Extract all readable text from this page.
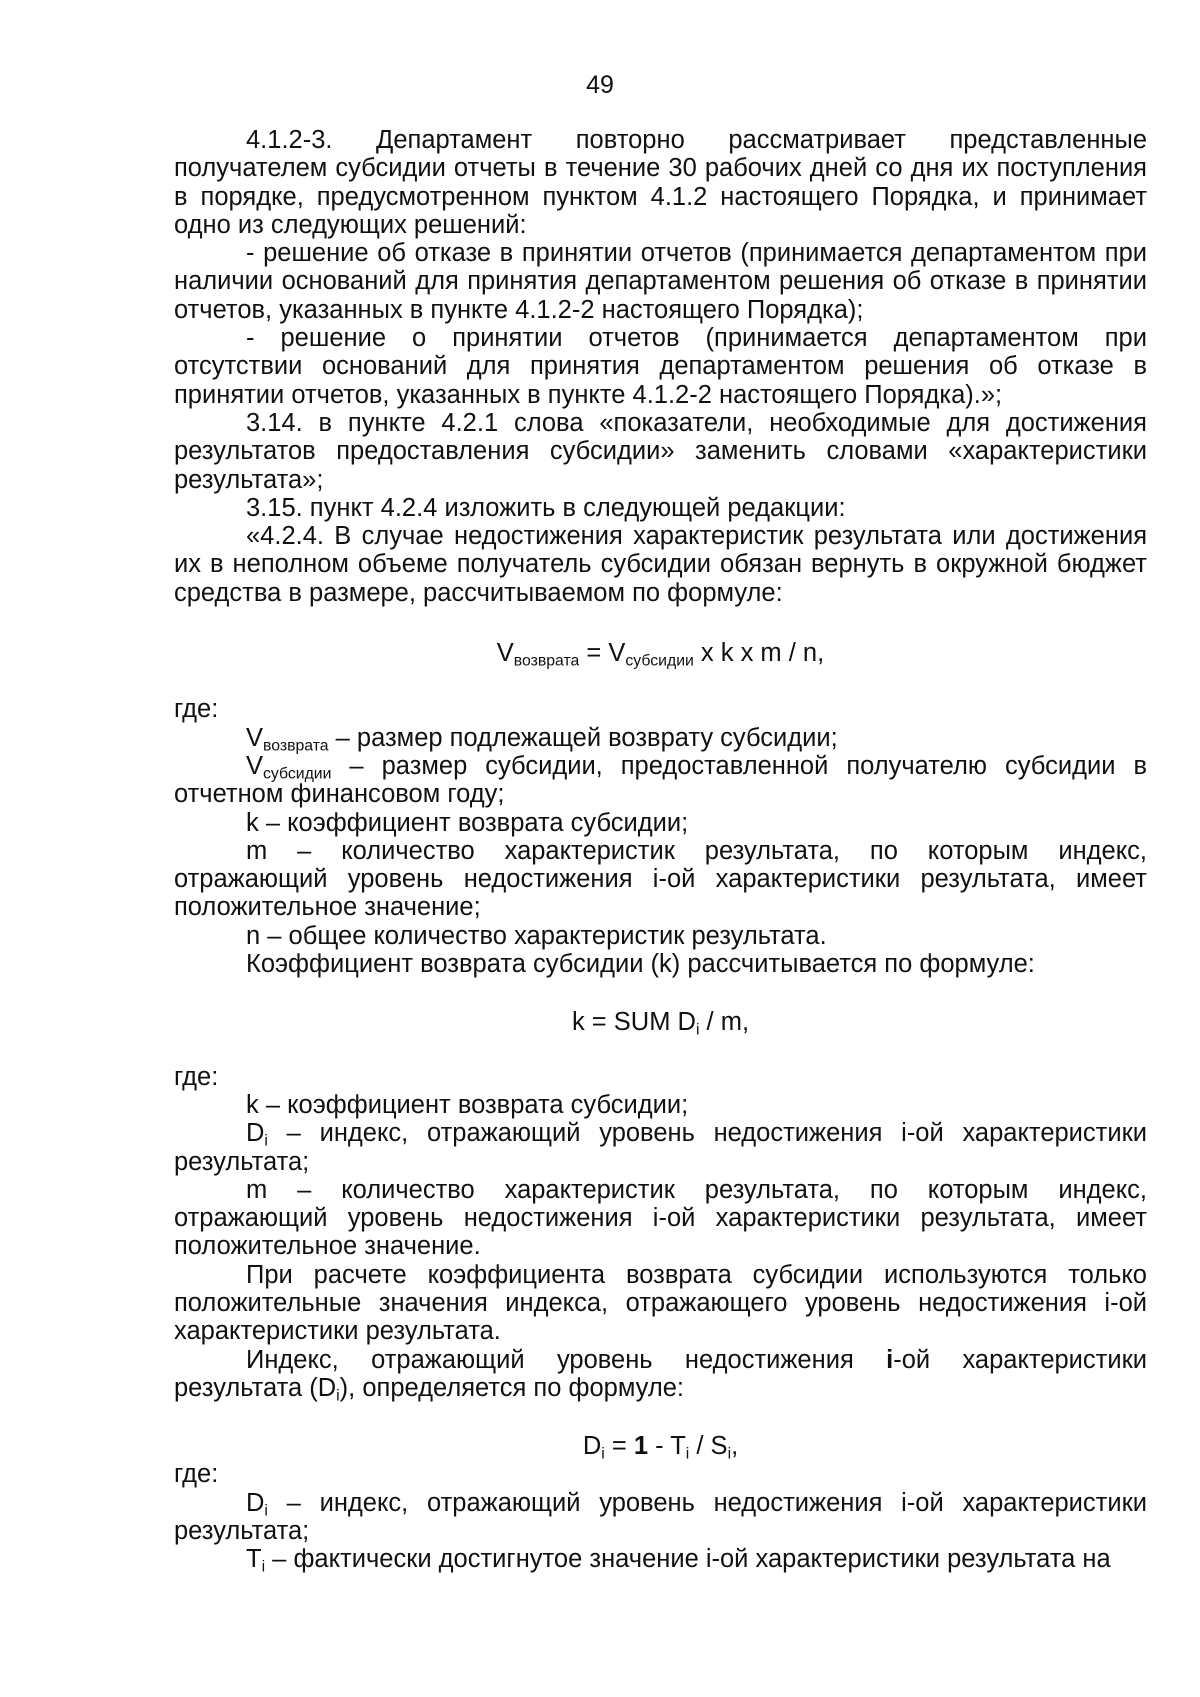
49

4.1.2-3. Департамент повторно рассматривает представленные получателем субсидии отчеты в течение 30 рабочих дней со дня их поступления в порядке, предусмотренном пунктом 4.1.2 настоящего Порядка, и принимает одно из следующих решений:

- решение об отказе в принятии отчетов (принимается департаментом при наличии оснований для принятия департаментом решения об отказе в принятии отчетов, указанных в пункте 4.1.2-2 настоящего Порядка);

- решение о принятии отчетов (принимается департаментом при отсутствии оснований для принятия департаментом решения об отказе в принятии отчетов, указанных в пункте 4.1.2-2 настоящего Порядка).»;

3.14. в пункте 4.2.1 слова «показатели, необходимые для достижения результатов предоставления субсидии» заменить словами «характеристики результата»;

3.15. пункт 4.2.4 изложить в следующей редакции:

«4.2.4. В случае недостижения характеристик результата или достижения их в неполном объеме получатель субсидии обязан вернуть в окружной бюджет средства в размере, рассчитываемом по формуле:

$V_{возврата} = V_{субсидии}$ x k x m / n,

где:

$V_{возврата}$ – размер подлежащей возврату субсидии;

$V_{субсидии}$ – размер субсидии, предоставленной получателю субсидии в отчетном финансовом году;

k – коэффициент возврата субсидии;

m – количество характеристик результата, по которым индекс, отражающий уровень недостижения i-ой характеристики результата, имеет положительное значение;

n – общее количество характеристик результата.

Коэффициент возврата субсидии (k) рассчитывается по формуле:

k = SUM $D_i$ / m,

где:

k – коэффициент возврата субсидии;

$D_i$ – индекс, отражающий уровень недостижения i-ой характеристики результата;

m – количество характеристик результата, по которым индекс, отражающий уровень недостижения i-ой характеристики результата, имеет положительное значение.

При расчете коэффициента возврата субсидии используются только положительные значения индекса, отражающего уровень недостижения i-ой характеристики результата.

Индекс, отражающий уровень недостижения i-ой характеристики результата $(D_i)$, определяется по формуле:

$D_i = 1 - T_i / S_i$,

где:

$D_i$ – индекс, отражающий уровень недостижения i-ой характеристики результата;

$T_i$ – фактически достигнутое значение i-ой характеристики результата на
